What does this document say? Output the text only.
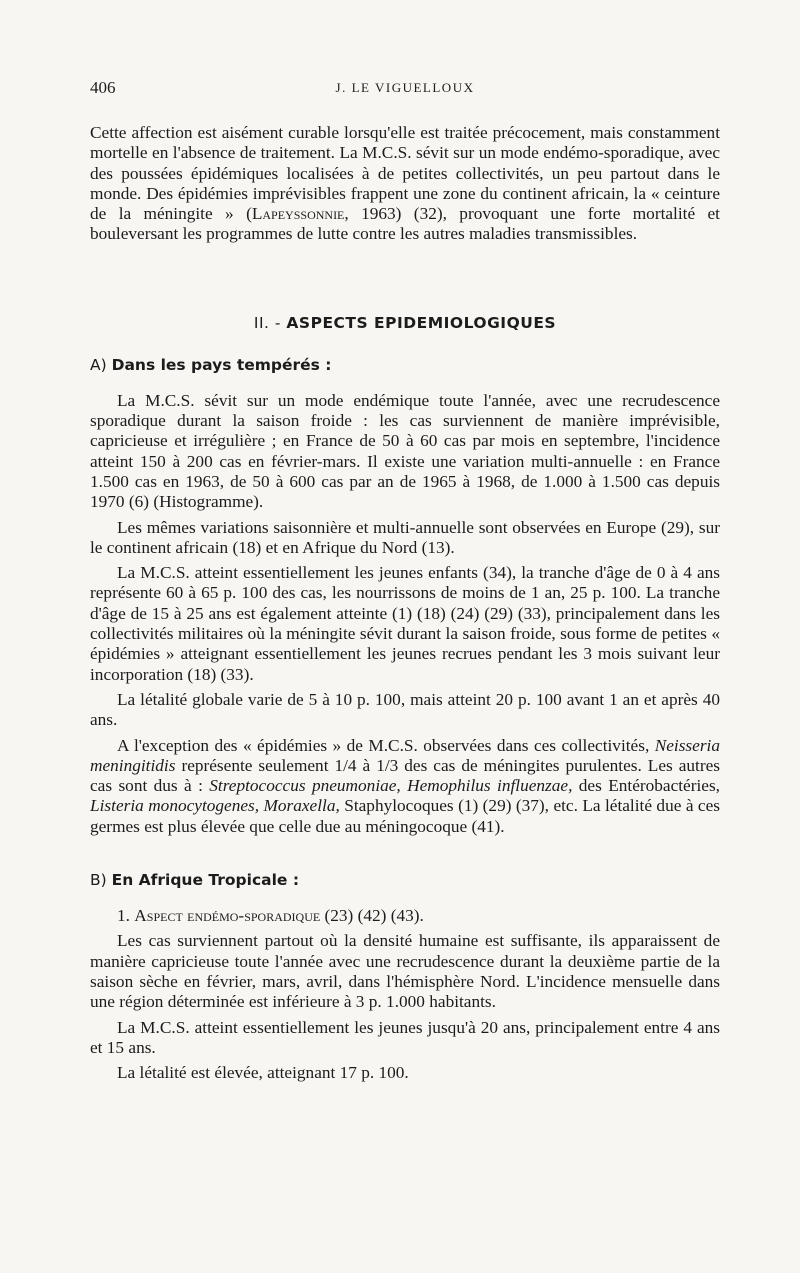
406	J. LE VIGUELLOUX

Cette affection est aisément curable lorsqu'elle est traitée précocement, mais constamment mortelle en l'absence de traitement. La M.C.S. sévit sur un mode endémo-sporadique, avec des poussées épidémiques localisées à de petites collectivités, un peu partout dans le monde. Des épidémies imprévisibles frappent une zone du continent africain, la « ceinture de la méningite » (Lapeyssonnie, 1963) (32), provoquant une forte mortalité et bouleversant les programmes de lutte contre les autres maladies transmissibles.

II. - ASPECTS EPIDEMIOLOGIQUES
A) Dans les pays tempérés :

La M.C.S. sévit sur un mode endémique toute l'année, avec une recrudescence sporadique durant la saison froide : les cas surviennent de manière imprévisible, capricieuse et irrégulière ; en France de 50 à 60 cas par mois en septembre, l'incidence atteint 150 à 200 cas en février-mars. Il existe une variation multi-annuelle : en France 1.500 cas en 1963, de 50 à 600 cas par an de 1965 à 1968, de 1.000 à 1.500 cas depuis 1970 (6) (Histogramme).

Les mêmes variations saisonnière et multi-annuelle sont observées en Europe (29), sur le continent africain (18) et en Afrique du Nord (13).

La M.C.S. atteint essentiellement les jeunes enfants (34), la tranche d'âge de 0 à 4 ans représente 60 à 65 p. 100 des cas, les nourrissons de moins de 1 an, 25 p. 100. La tranche d'âge de 15 à 25 ans est également atteinte (1) (18) (24) (29) (33), principalement dans les collectivités militaires où la méningite sévit durant la saison froide, sous forme de petites « épidémies » atteignant essentiellement les jeunes recrues pendant les 3 mois suivant leur incorporation (18) (33).

La létalité globale varie de 5 à 10 p. 100, mais atteint 20 p. 100 avant 1 an et après 40 ans.

A l'exception des « épidémies » de M.C.S. observées dans ces collectivités, Neisseria meningitidis représente seulement 1/4 à 1/3 des cas de méningites purulentes. Les autres cas sont dus à : Streptococcus pneumoniae, Hemophilus influenzae, des Entérobactéries, Listeria monocytogenes, Moraxella, Staphylocoques (1) (29) (37), etc. La létalité due à ces germes est plus élevée que celle due au méningocoque (41).

B) En Afrique Tropicale :

1. Aspect endémo-sporadique (23) (42) (43).

Les cas surviennent partout où la densité humaine est suffisante, ils apparaissent de manière capricieuse toute l'année avec une recrudescence durant la deuxième partie de la saison sèche en février, mars, avril, dans l'hémisphère Nord. L'incidence mensuelle dans une région déterminée est inférieure à 3 p. 1.000 habitants.

La M.C.S. atteint essentiellement les jeunes jusqu'à 20 ans, principalement entre 4 ans et 15 ans.

La létalité est élevée, atteignant 17 p. 100.
